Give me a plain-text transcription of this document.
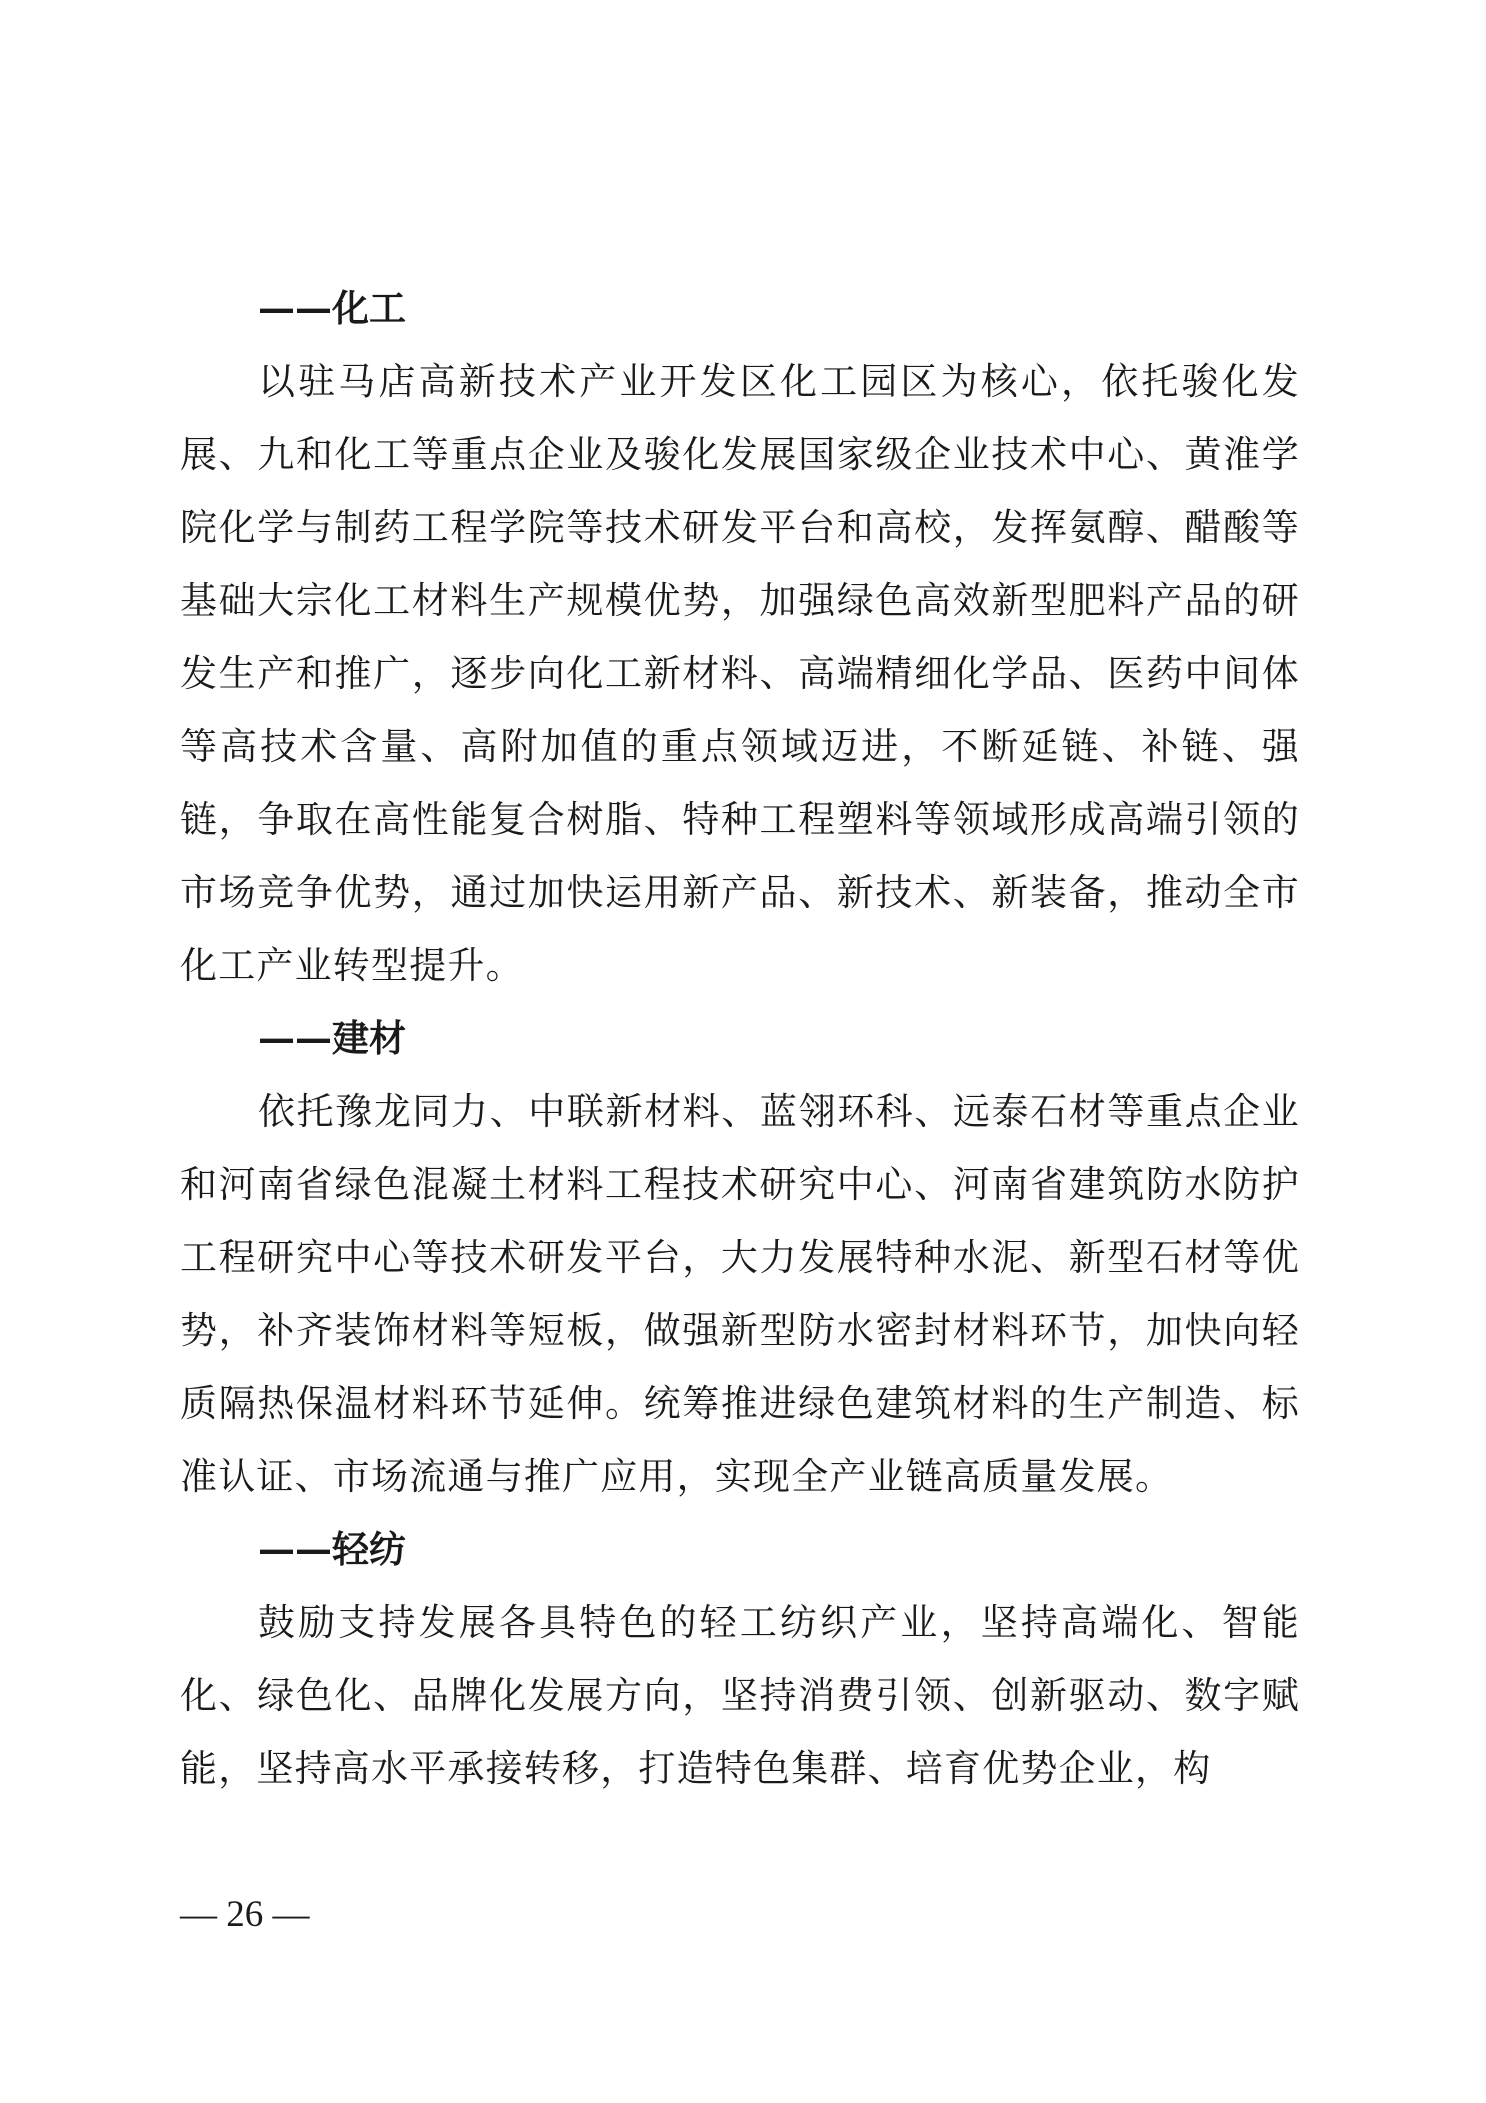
——化工

以驻马店高新技术产业开发区化工园区为核心，依托骏化发展、九和化工等重点企业及骏化发展国家级企业技术中心、黄淮学院化学与制药工程学院等技术研发平台和高校，发挥氨醇、醋酸等基础大宗化工材料生产规模优势，加强绿色高效新型肥料产品的研发生产和推广，逐步向化工新材料、高端精细化学品、医药中间体等高技术含量、高附加值的重点领域迈进，不断延链、补链、强链，争取在高性能复合树脂、特种工程塑料等领域形成高端引领的市场竞争优势，通过加快运用新产品、新技术、新装备，推动全市化工产业转型提升。

——建材

依托豫龙同力、中联新材料、蓝翎环科、远泰石材等重点企业和河南省绿色混凝土材料工程技术研究中心、河南省建筑防水防护工程研究中心等技术研发平台，大力发展特种水泥、新型石材等优势，补齐装饰材料等短板，做强新型防水密封材料环节，加快向轻质隔热保温材料环节延伸。统筹推进绿色建筑材料的生产制造、标准认证、市场流通与推广应用，实现全产业链高质量发展。

——轻纺

鼓励支持发展各具特色的轻工纺织产业，坚持高端化、智能化、绿色化、品牌化发展方向，坚持消费引领、创新驱动、数字赋能，坚持高水平承接转移，打造特色集群、培育优势企业，构

— 26 —
